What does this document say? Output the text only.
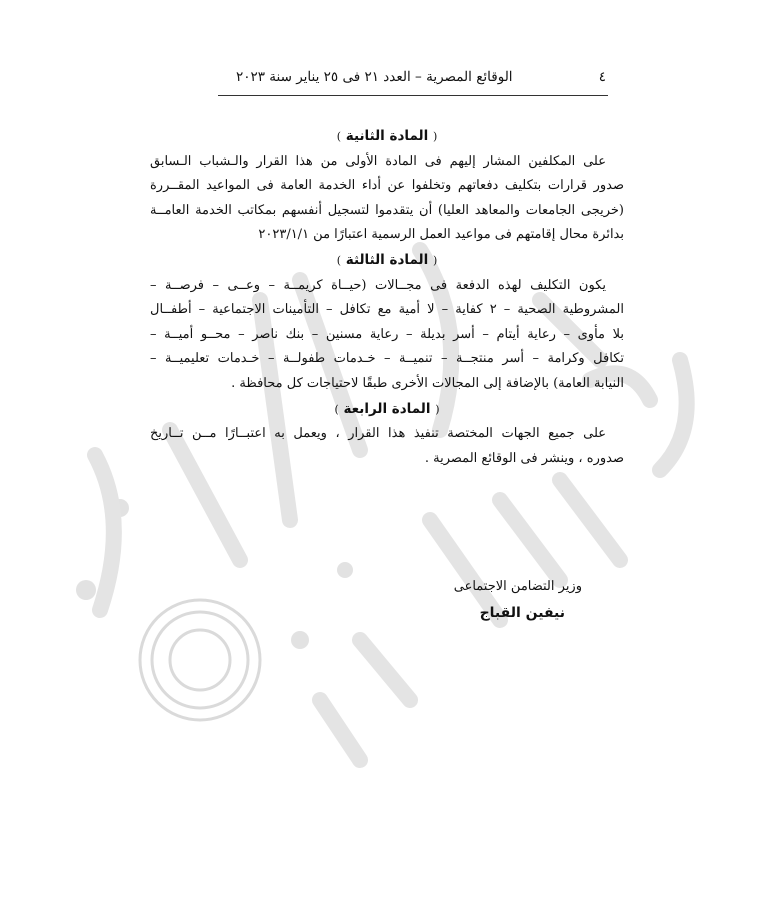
٤
الوقائع المصرية – العدد ٢١ فى ٢٥ يناير سنة ٢٠٢٣
( المادة الثانية )
على المكلفين المشار إليهم فى المادة الأولى من هذا القرار والـشباب الـسابق
صدور قرارات بتكليف دفعاتهم وتخلفوا عن أداء الخدمة العامة فى المواعيد المقــررة
(خريجى الجامعات والمعاهد العليا) أن يتقدموا لتسجيل أنفسهم بمكاتب الخدمة العامــة
بدائرة محال إقامتهم فى مواعيد العمل الرسمية اعتبارًا من ٢٠٢٣/١/١
( المادة الثالثة )
يكون التكليف لهذه الدفعة فى مجــالات (حيــاة كريمــة – وعــى – فرصــة –
المشروطية الصحية – ٢ كفاية – لا أمية مع تكافل – التأمينات الاجتماعية – أطفــال
بلا مأوى – رعاية أيتام – أسر بديلة – رعاية مسنين – بنك ناصر – محــو أميــة –
تكافل وكرامة – أسر منتجــة – تنميــة – خـدمات طفولــة – خـدمات تعليميــة –
النيابة العامة) بالإضافة إلى المجالات الأخرى طبقًا لاحتياجات كل محافظة .
( المادة الرابعة )
على جميع الجهات المختصة تنفيذ هذا القرار ، ويعمل به اعتبــارًا مــن تــاريخ
صدوره ، وينشر فى الوقائع المصرية .
وزير التضامن الاجتماعى
نيفين القباج
